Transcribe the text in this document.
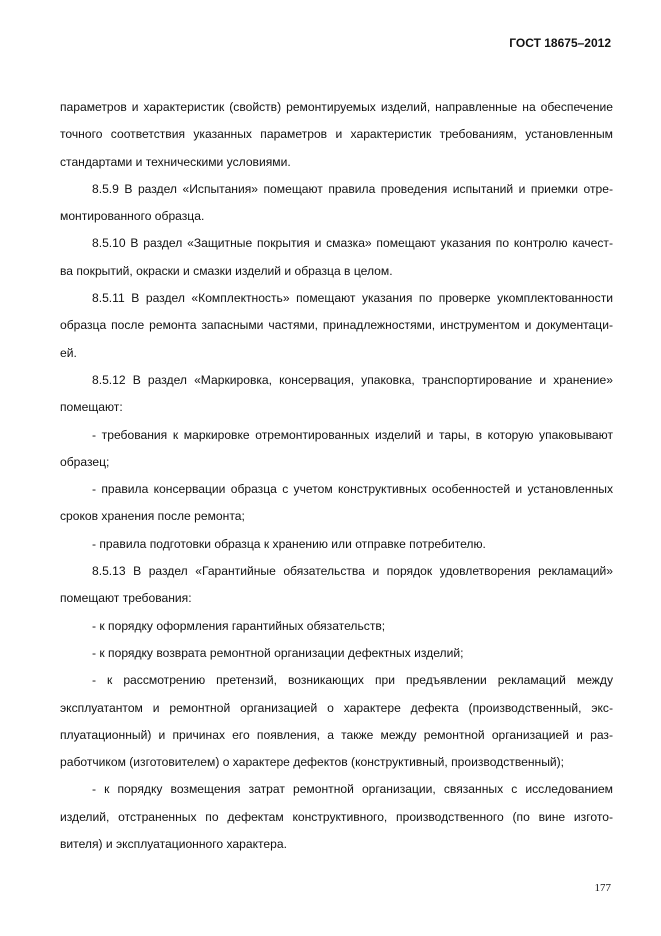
ГОСТ 18675–2012
параметров и характеристик (свойств) ремонтируемых изделий, направленные на обеспечение
точного соответствия указанных параметров и характеристик требованиям, установленным
стандартами и техническими условиями.
8.5.9 В раздел «Испытания» помещают правила проведения испытаний и приемки отре-
монтированного образца.
8.5.10 В раздел «Защитные покрытия и смазка» помещают указания по контролю качест-
ва покрытий, окраски и смазки изделий и образца в целом.
8.5.11 В раздел «Комплектность» помещают указания по проверке укомплектованности
образца после ремонта запасными частями, принадлежностями, инструментом и документаци-
ей.
8.5.12 В раздел «Маркировка, консервация, упаковка, транспортирование и хранение»
помещают:
- требования к маркировке отремонтированных изделий и тары, в которую упаковывают
образец;
- правила консервации образца с учетом конструктивных особенностей и установленных
сроков хранения после ремонта;
- правила подготовки образца к хранению или отправке потребителю.
8.5.13 В раздел «Гарантийные обязательства и порядок удовлетворения рекламаций»
помещают требования:
- к порядку оформления гарантийных обязательств;
- к порядку возврата ремонтной организации дефектных изделий;
- к рассмотрению претензий, возникающих при предъявлении рекламаций между
эксплуатантом и ремонтной организацией о характере дефекта (производственный, экс-
плуатационный) и причинах его появления, а также между ремонтной организацией и раз-
работчиком (изготовителем) о характере дефектов (конструктивный, производственный);
- к порядку возмещения затрат ремонтной организации, связанных с исследованием
изделий, отстраненных по дефектам конструктивного, производственного (по вине изгото-
вителя) и эксплуатационного характера.
177
